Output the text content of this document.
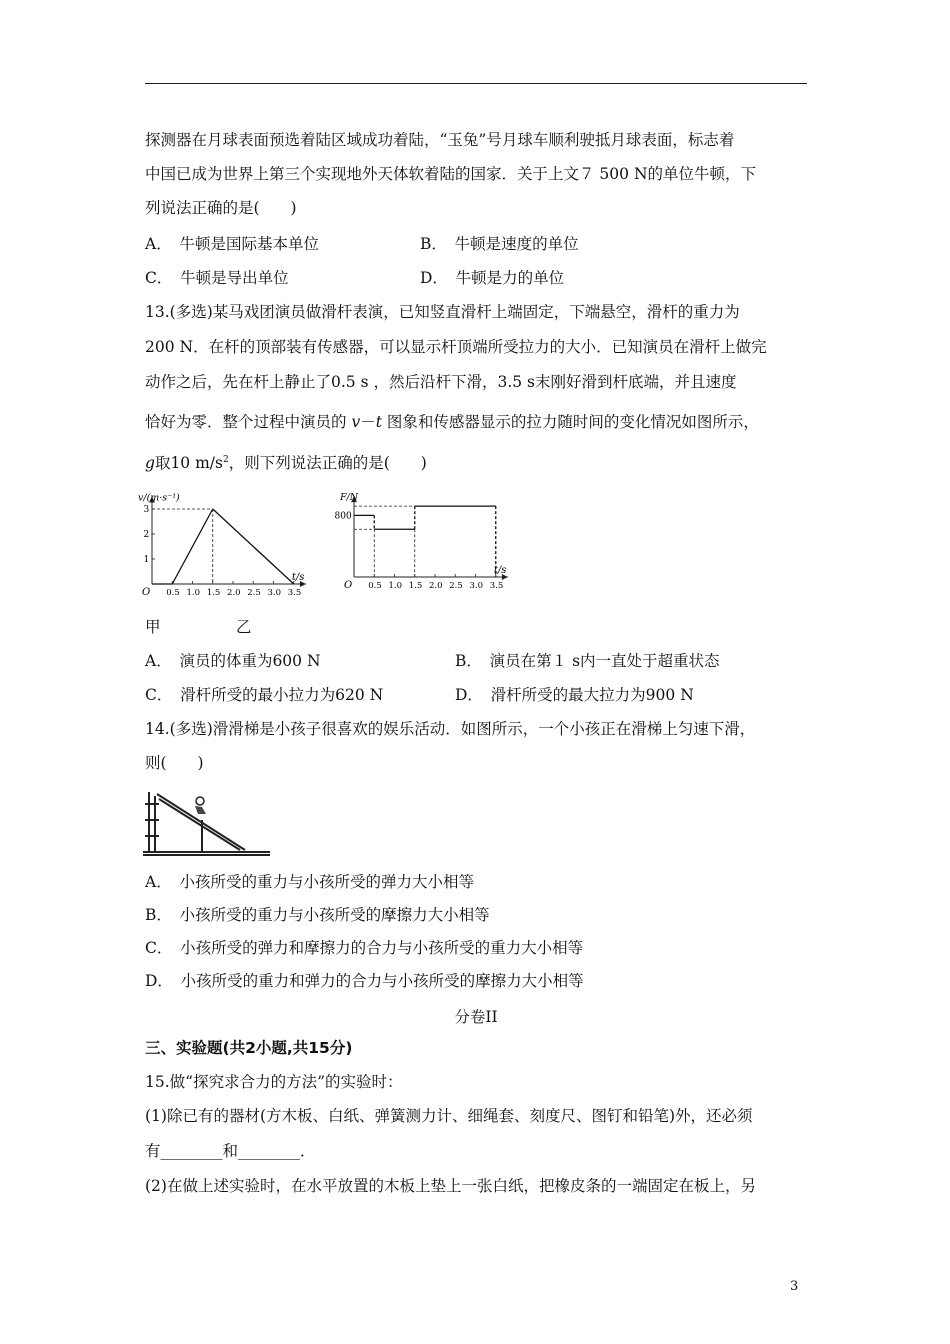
探测器在月球表面预选着陆区域成功着陆，“玉兔”号月球车顺利驶抵月球表面，标志着
中国已成为世界上第三个实现地外天体软着陆的国家．关于上文７ 500 N的单位牛顿，下
列说法正确的是(　　)
A．　牛顿是国际基本单位	B．　牛顿是速度的单位
C．　牛顿是导出单位	D．　牛顿是力的单位
13.(多选)某马戏团演员做滑杆表演，已知竖直滑杆上端固定，下端悬空，滑杆的重力为
200 N．在杆的顶部装有传感器，可以显示杆顶端所受拉力的大小．已知演员在滑杆上做完
动作之后，先在杆上静止了0.5 s ，然后沿杆下滑，3.5 s末刚好滑到杆底端，并且速度
恰好为零．整个过程中演员的 v－t 图象和传感器显示的拉力随时间的变化情况如图所示，
g取10 $m/s^2$，则下列说法正确的是(　　)
v/(m·s⁻¹)
t/s
O 0.5 1.0 1.5 2.0 2.5 3.0 3.5
1
2
3
F/N
t/s
O 0.5 1.0 1.5 2.0 2.5 3.0 3.5
800
甲	乙
A．　演员的体重为600 N	B．　演员在第１ s内一直处于超重状态
C．　滑杆所受的最小拉力为620 N	D．　滑杆所受的最大拉力为900 N
14.(多选)滑滑梯是小孩子很喜欢的娱乐活动．如图所示，一个小孩正在滑梯上匀速下滑，
则(　　)
A．　小孩所受的重力与小孩所受的弹力大小相等
B．　小孩所受的重力与小孩所受的摩擦力大小相等
C．　小孩所受的弹力和摩擦力的合力与小孩所受的重力大小相等
D．　小孩所受的重力和弹力的合力与小孩所受的摩擦力大小相等
分卷II
三、实验题(共2小题,共15分)
15.做“探究求合力的方法”的实验时：
(1)除已有的器材(方木板、白纸、弹簧测力计、细绳套、刻度尺、图钉和铅笔)外，还必须
有________和________．
(2)在做上述实验时，在水平放置的木板上垫上一张白纸，把橡皮条的一端固定在板上，另
3
